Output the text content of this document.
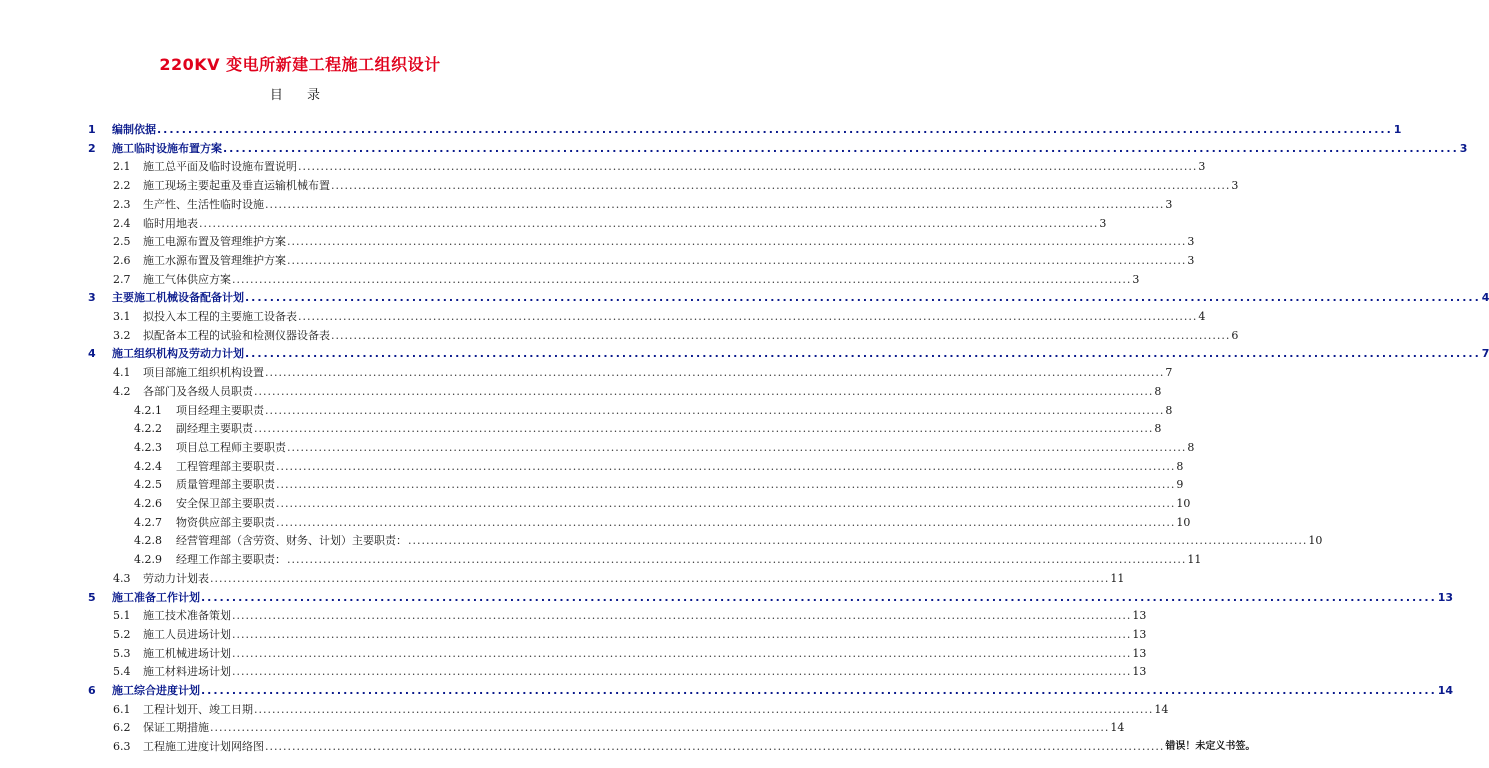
220KV 变电所新建工程施工组织设计
目 录
1	编制依据 ........................................................................................................................................................................................................ 1
2	施工临时设施布置方案 ........................................................................................................................................................................................................ 3
2.1	施工总平面及临时设施布置说明 ........................................................................................................................................................................................................ 3
2.2	施工现场主要起重及垂直运输机械布置 ........................................................................................................................................................................................................ 3
2.3	生产性、生活性临时设施 ........................................................................................................................................................................................................ 3
2.4	临时用地表 ........................................................................................................................................................................................................ 3
2.5	施工电源布置及管理维护方案 ........................................................................................................................................................................................................ 3
2.6	施工水源布置及管理维护方案 ........................................................................................................................................................................................................ 3
2.7	施工气体供应方案 ........................................................................................................................................................................................................ 3
3	主要施工机械设备配备计划 ........................................................................................................................................................................................................ 4
3.1	拟投入本工程的主要施工设备表 ........................................................................................................................................................................................................ 4
3.2	拟配备本工程的试验和检测仪器设备表 ........................................................................................................................................................................................................ 6
4	施工组织机构及劳动力计划 ........................................................................................................................................................................................................ 7
4.1	项目部施工组织机构设置 ........................................................................................................................................................................................................ 7
4.2	各部门及各级人员职责 ........................................................................................................................................................................................................ 8
4.2.1	项目经理主要职责 ........................................................................................................................................................................................................ 8
4.2.2	副经理主要职责 ........................................................................................................................................................................................................ 8
4.2.3	项目总工程师主要职责 ........................................................................................................................................................................................................ 8
4.2.4	工程管理部主要职责 ........................................................................................................................................................................................................ 8
4.2.5	质量管理部主要职责 ........................................................................................................................................................................................................ 9
4.2.6	安全保卫部主要职责 ........................................................................................................................................................................................................ 10
4.2.7	物资供应部主要职责 ........................................................................................................................................................................................................ 10
4.2.8	经营管理部（含劳资、财务、计划）主要职责： ........................................................................................................................................................................................................ 10
4.2.9	经理工作部主要职责： ........................................................................................................................................................................................................ 11
4.3	劳动力计划表 ........................................................................................................................................................................................................ 11
5	施工准备工作计划 ........................................................................................................................................................................................................ 13
5.1	施工技术准备策划 ........................................................................................................................................................................................................ 13
5.2	施工人员进场计划 ........................................................................................................................................................................................................ 13
5.3	施工机械进场计划 ........................................................................................................................................................................................................ 13
5.4	施工材料进场计划 ........................................................................................................................................................................................................ 13
6	施工综合进度计划 ........................................................................................................................................................................................................ 14
6.1	工程计划开、竣工日期 ........................................................................................................................................................................................................ 14
6.2	保证工期措施 ........................................................................................................................................................................................................ 14
6.3	工程施工进度计划网络图 ........................................................................................................................................................................................................ 错误！未定义书签。
